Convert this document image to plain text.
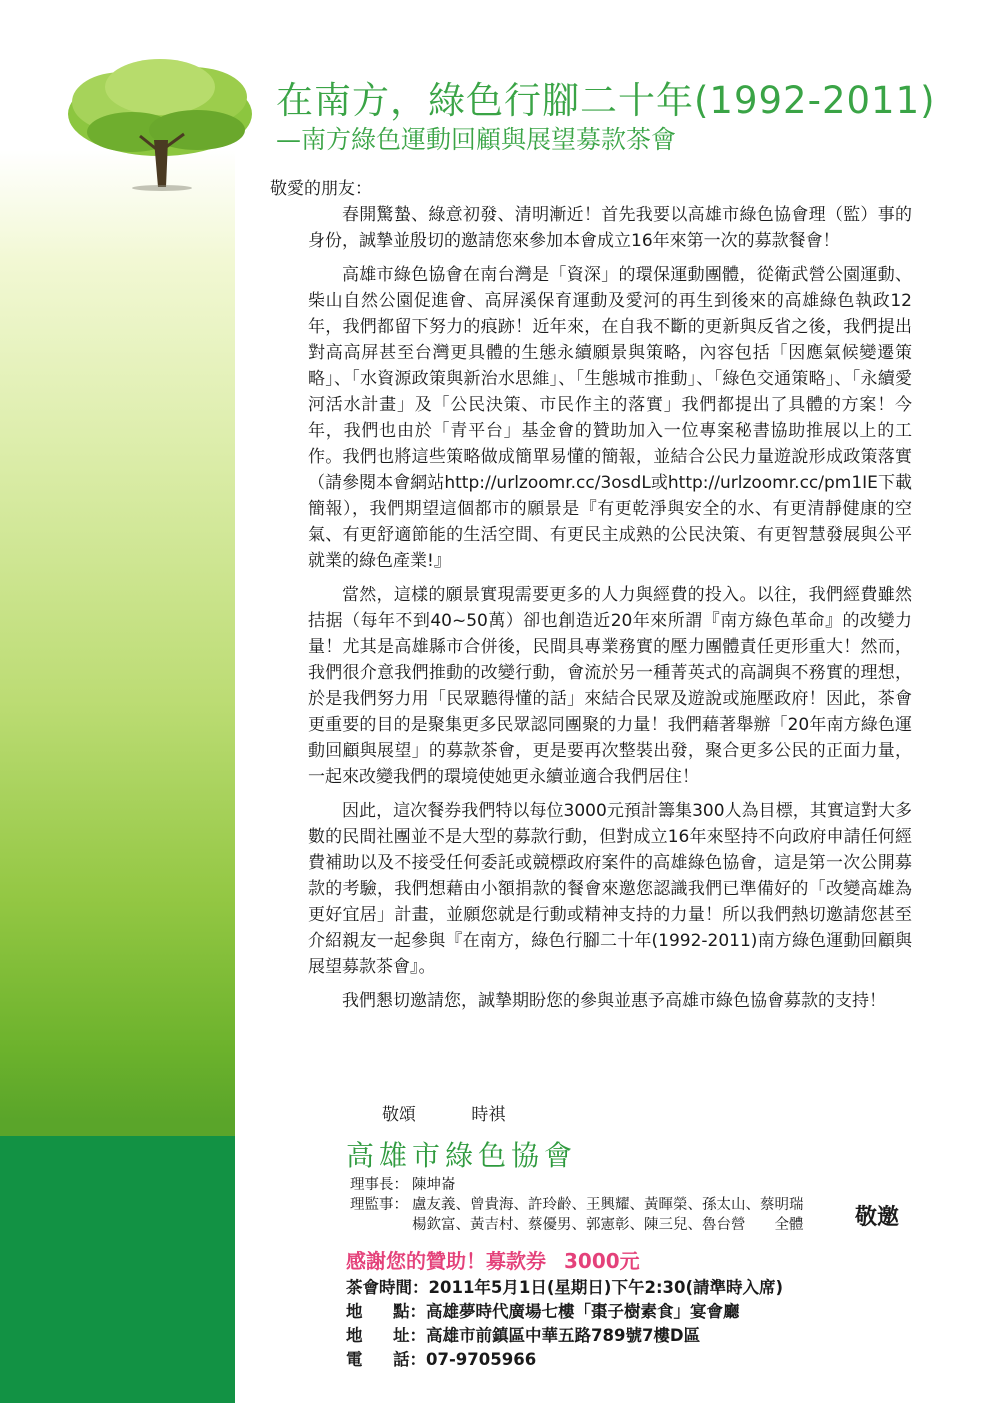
在南方，綠色行腳二十年(1992-2011)
—南方綠色運動回顧與展望募款茶會
敬愛的朋友：

春開驚蟄、綠意初發、清明漸近！首先我要以高雄市綠色協會理（監）事的身份，誠摯並殷切的邀請您來參加本會成立16年來第一次的募款餐會！

高雄市綠色協會在南台灣是「資深」的環保運動團體，從衛武營公園運動、柴山自然公園促進會、高屏溪保育運動及愛河的再生到後來的高雄綠色執政12年，我們都留下努力的痕跡！近年來，在自我不斷的更新與反省之後，我們提出對高高屏甚至台灣更具體的生態永續願景與策略，內容包括「因應氣候變遷策略」、「水資源政策與新治水思維」、「生態城市推動」、「綠色交通策略」、「永續愛河活水計畫」及「公民決策、市民作主的落實」我們都提出了具體的方案！今年，我們也由於「青平台」基金會的贊助加入一位專案秘書協助推展以上的工作。我們也將這些策略做成簡單易懂的簡報，並結合公民力量遊說形成政策落實（請參閱本會網站http://urlzoomr.cc/3osdL或http://urlzoomr.cc/pm1IE下載簡報），我們期望這個都市的願景是『有更乾淨與安全的水、有更清靜健康的空氣、有更舒適節能的生活空間、有更民主成熟的公民決策、有更智慧發展與公平就業的綠色產業!』

當然，這樣的願景實現需要更多的人力與經費的投入。以往，我們經費雖然拮据（每年不到40~50萬）卻也創造近20年來所謂『南方綠色革命』的改變力量！尤其是高雄縣市合併後，民間具專業務實的壓力團體責任更形重大！然而，我們很介意我們推動的改變行動，會流於另一種菁英式的高調與不務實的理想，於是我們努力用「民眾聽得懂的話」來結合民眾及遊說或施壓政府！因此，茶會更重要的目的是聚集更多民眾認同團聚的力量！我們藉著舉辦「20年南方綠色運動回顧與展望」的募款茶會，更是要再次整裝出發，聚合更多公民的正面力量，一起來改變我們的環境使她更永續並適合我們居住！

因此，這次餐券我們特以每位3000元預計籌集300人為目標，其實這對大多數的民間社團並不是大型的募款行動，但對成立16年來堅持不向政府申請任何經費補助以及不接受任何委託或競標政府案件的高雄綠色協會，這是第一次公開募款的考驗，我們想藉由小額捐款的餐會來邀您認識我們已準備好的「改變高雄為更好宜居」計畫，並願您就是行動或精神支持的力量！所以我們熱切邀請您甚至介紹親友一起參與『在南方，綠色行腳二十年(1992-2011)南方綠色運動回顧與展望募款茶會』。

我們懇切邀請您，誠摯期盼您的參與並惠予高雄市綠色協會募款的支持！

敬頌	時祺
高雄市綠色協會
理事長： 陳坤崙
理監事： 盧友義、曾貴海、許玲齡、王興耀、黃暉榮、孫太山、蔡明瑞
楊欽富、黃吉村、蔡優男、郭憲彰、陳三兒、魯台營　　全體	敬邀
感謝您的贊助！募款券 3000元
茶會時間： 2011年5月1日(星期日)下午2:30(請準時入席)
地 點： 高雄夢時代廣場七樓「棗子樹素食」宴會廳
地 址： 高雄市前鎮區中華五路789號7樓D區
電 話： 07-9705966
